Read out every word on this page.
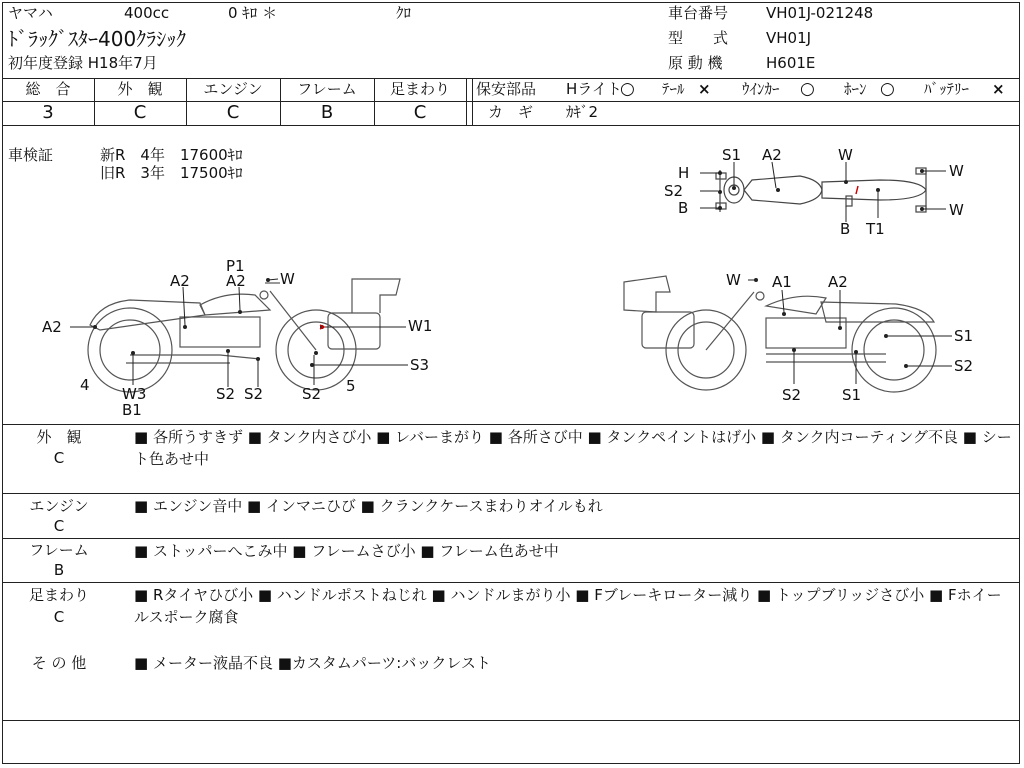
ヤマハ	400cc	0 ｷﾛ ＊	ｸﾛ
ﾄﾞﾗｯｸﾞｽﾀｰ400ｸﾗｼｯｸ
初年度登録 H18年7月
車台番号	VH01J-021248
型　　式	VH01J
原 動 機	H601E
総　合	外　観	エンジン	フレーム	足まわり
3	C	C	B	C
保安部品 Hライト
○ ﾃｰﾙ × ｳｲﾝｶｰ ○ ﾎｰﾝ ○ ﾊﾞｯﾃﾘｰ ×
カ　ギ ｶｷﾞ2
車検証	新R　4年　17600ｷﾛ
旧R　3年　17500ｷﾛ
S1 A2	W
H	W
S2
B
B T1
W
P1
A2 A2 W
A2	W1
S3
4 W3
B1
S2 S2	S2 5
W A1 A2
S1
S2
S2	S1
外　観
C
■ 各所うすきず ■ タンク内さび小 ■ レバーまがり ■ 各所さび中 ■ タンクペイントはげ小 ■ タンク内コーティング不良 ■ シート色あせ中
エンジン
C
■ エンジン音中 ■ インマニひび ■ クランクケースまわりオイルもれ
フレーム
B
■ ストッパーへこみ中 ■ フレームさび小 ■ フレーム色あせ中
足まわり
C
■ Rタイヤひび小 ■ ハンドルポストねじれ ■ ハンドルまがり小 ■ Fブレーキローター減り ■ トップブリッジさび小 ■ Fホイールスポーク腐食
そ の 他	■ メーター液晶不良 ■カスタムパーツ:バックレスト
